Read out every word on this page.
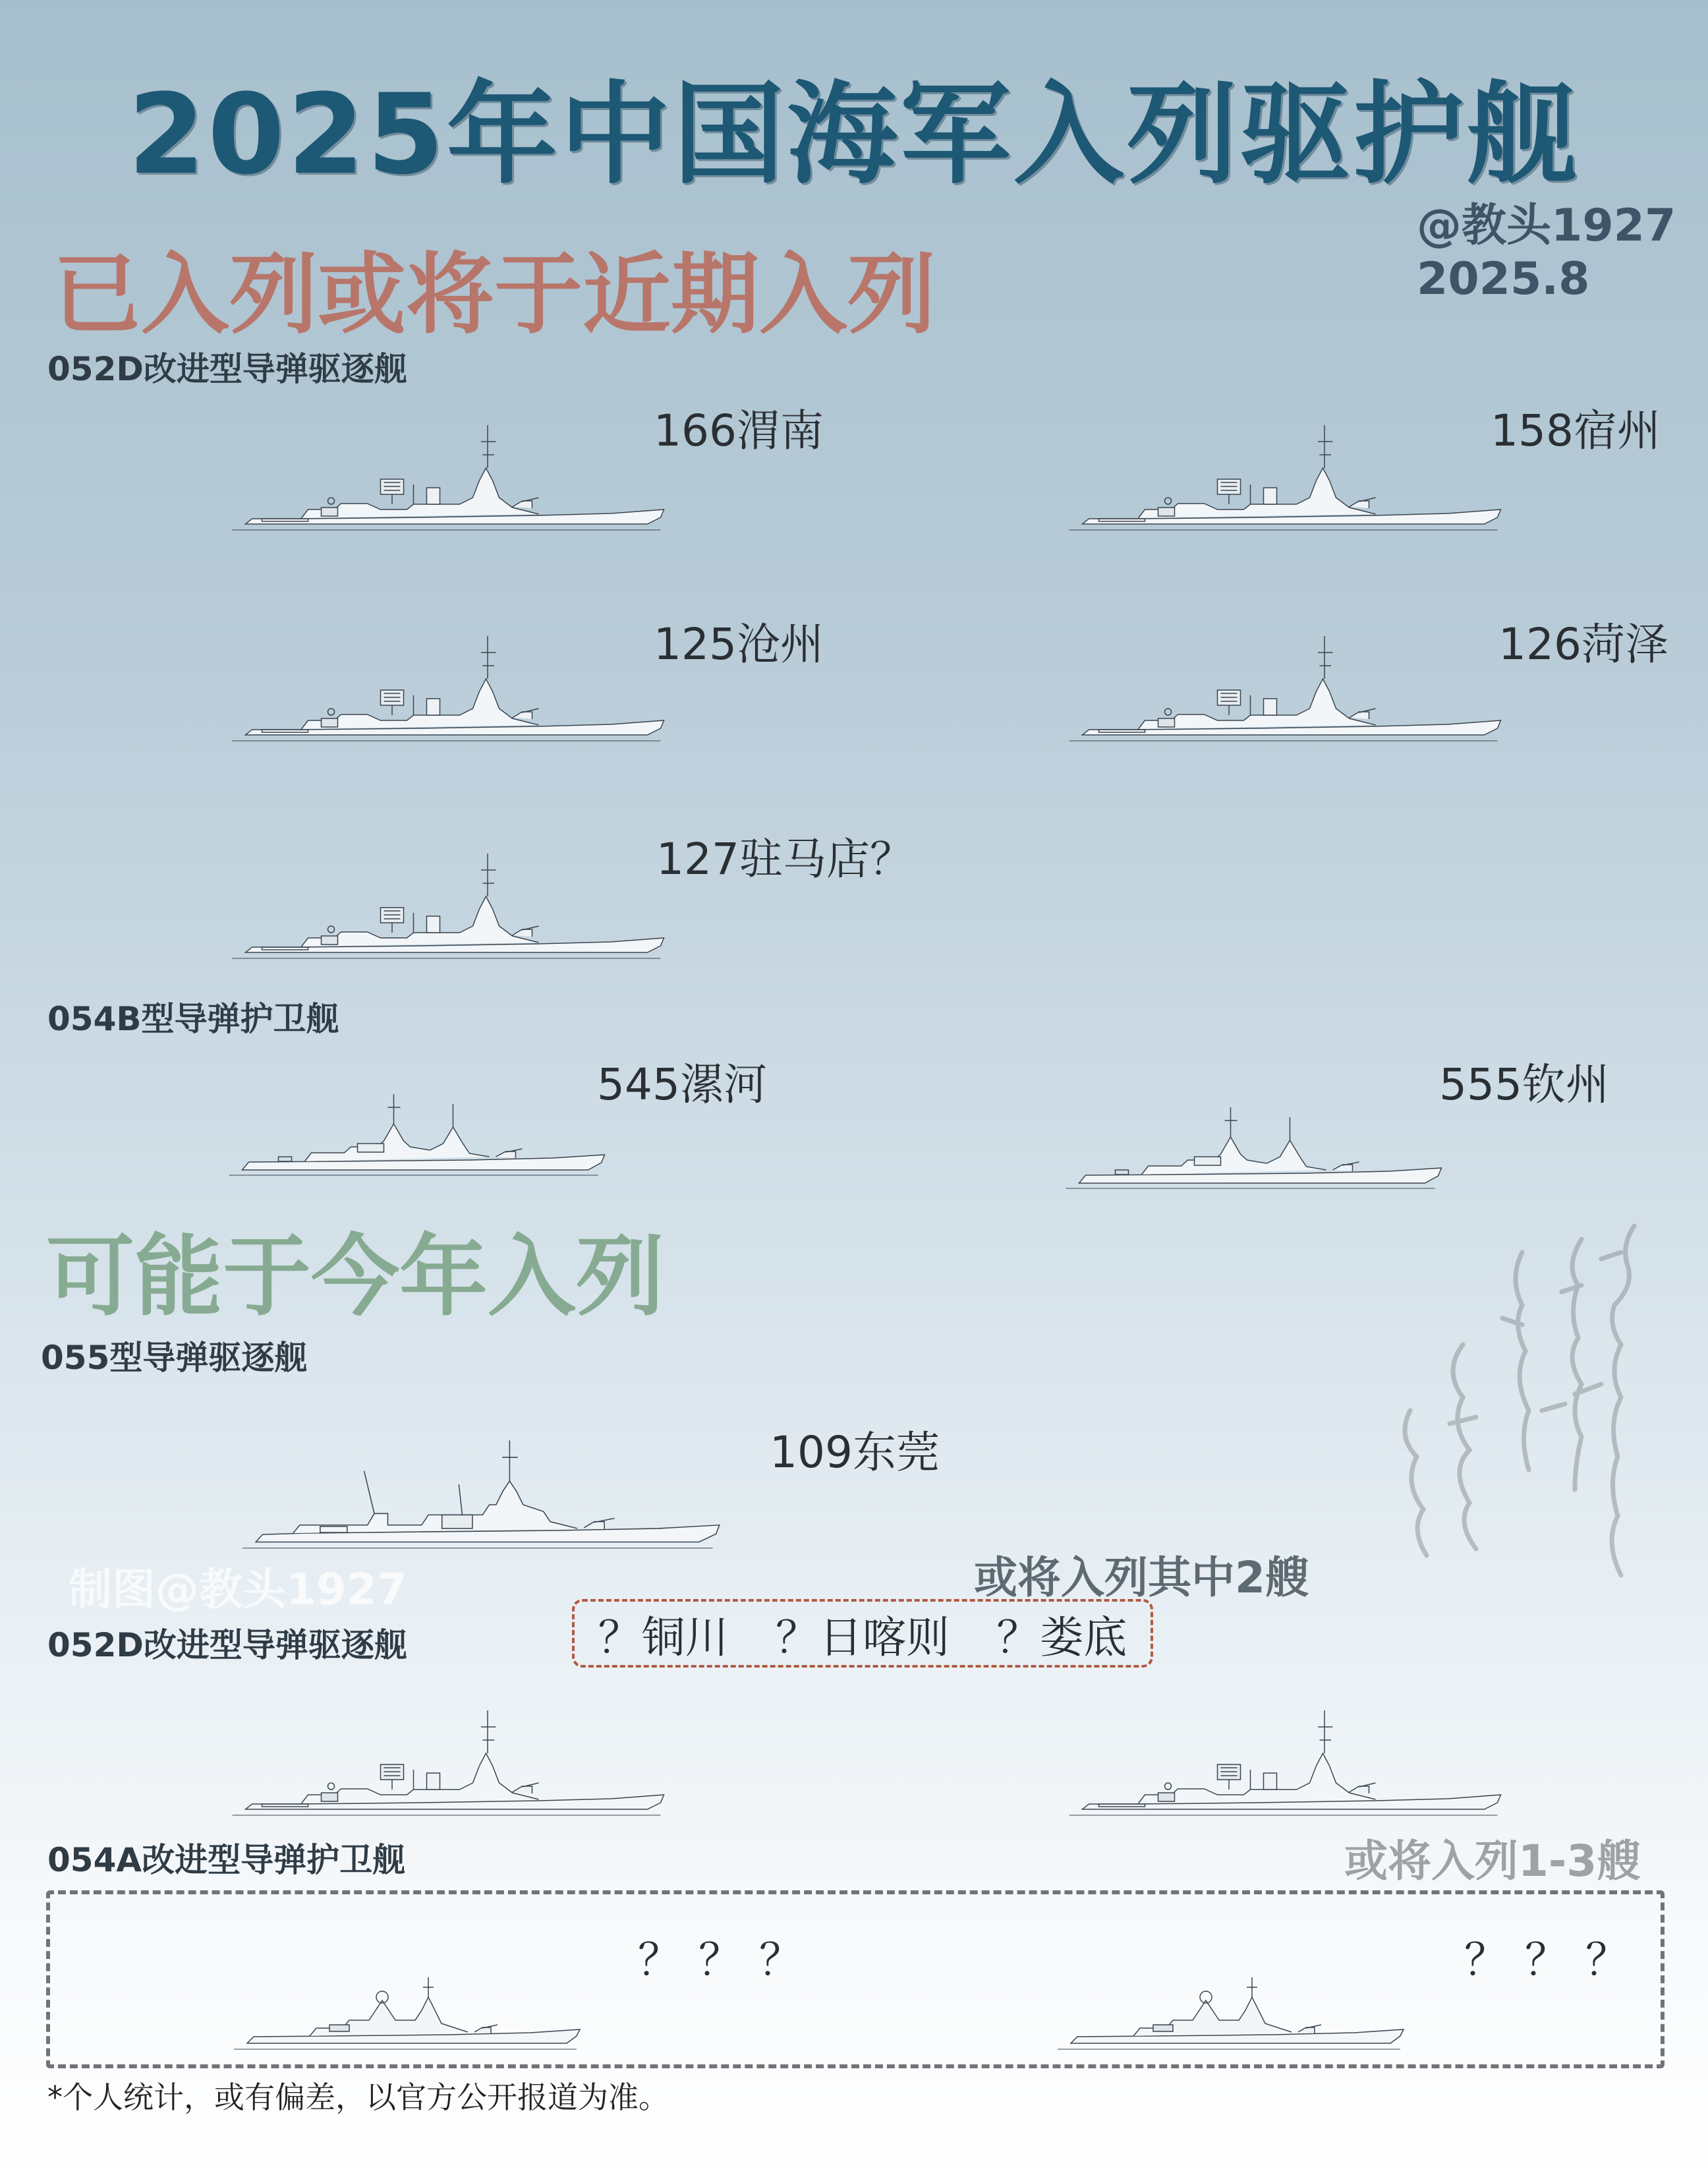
2025年中国海军入列驱护舰
@教头1927
2025.8
已入列或将于近期入列
052D改进型导弹驱逐舰
166渭南	158宿州
125沧州	126菏泽
127驻马店？
054B型导弹护卫舰
545漯河	555钦州
可能于今年入列
055型导弹驱逐舰
109东莞
制图@教头1927	或将入列其中2艘
052D改进型导弹驱逐舰	？铜川 ？日喀则 ？娄底
054A改进型导弹护卫舰	或将入列1-3艘
？？？	？？？
*个人统计，或有偏差，以官方公开报道为准。
